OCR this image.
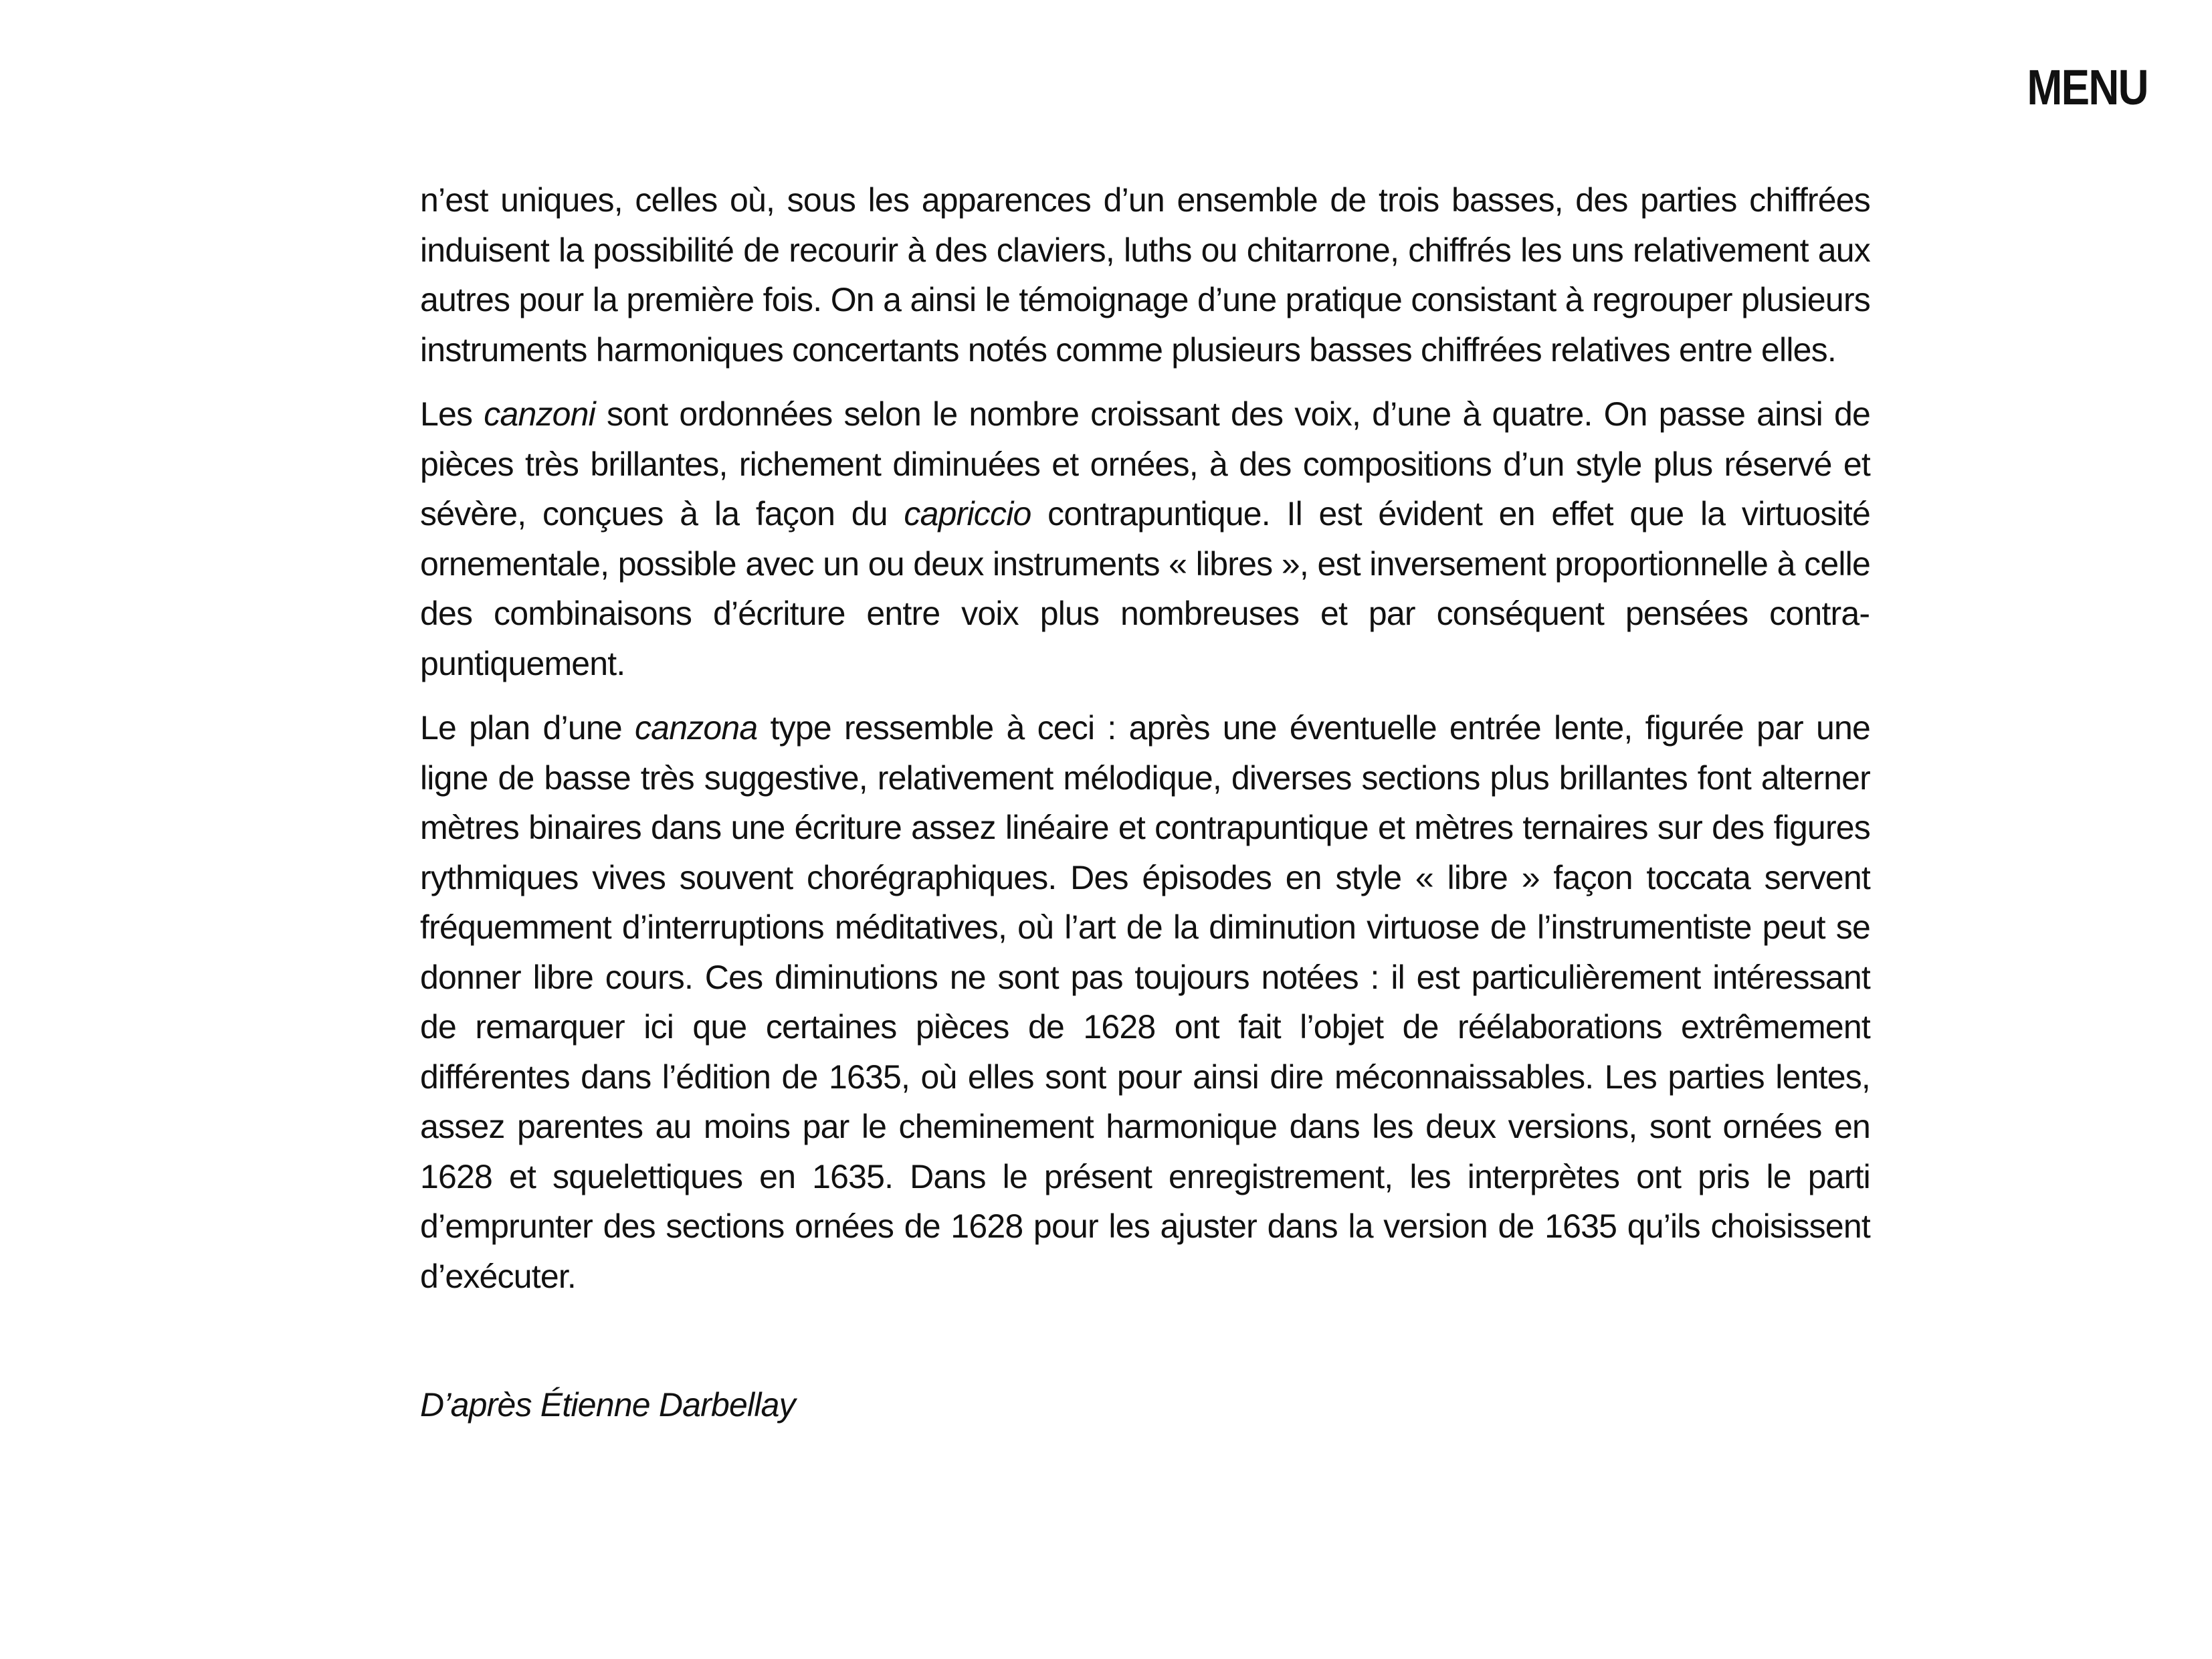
MENU

n’est uniques, celles où, sous les apparences d’un ensemble de trois basses, des parties chiffrées induisent la possibilité de recourir à des claviers, luths ou chitarrone, chiffrés les uns relativement aux autres pour la première fois. On a ainsi le témoignage d’une pratique consistant à regrouper plusieurs instruments harmoniques concertants notés comme plusieurs basses chiffrées relatives entre elles.

Les canzoni sont ordonnées selon le nombre croissant des voix, d’une à quatre. On passe ainsi de pièces très brillantes, richement diminuées et ornées, à des compositions d’un style plus réservé et sévère, conçues à la façon du capriccio contrapuntique. Il est évident en effet que la virtuosité ornementale, possible avec un ou deux instruments « libres », est inversement proportionnelle à celle des combinaisons d’écriture entre voix plus nombreuses et par conséquent pensées contrapuntiquement.

Le plan d’une canzona type ressemble à ceci : après une éventuelle entrée lente, figurée par une ligne de basse très suggestive, relativement mélodique, diverses sections plus brillantes font alterner mètres binaires dans une écriture assez linéaire et contrapuntique et mètres ternaires sur des figures rythmiques vives souvent chorégraphiques. Des épisodes en style « libre » façon toccata servent fréquemment d’interruptions méditatives, où l’art de la diminution virtuose de l’instrumentiste peut se donner libre cours. Ces diminutions ne sont pas toujours notées : il est particulièrement intéressant de remarquer ici que certaines pièces de 1628 ont fait l’objet de réélaborations extrêmement différentes dans l’édition de 1635, où elles sont pour ainsi dire méconnaissables. Les parties lentes, assez parentes au moins par le cheminement harmonique dans les deux versions, sont ornées en 1628 et squelettiques en 1635. Dans le présent enregistrement, les interprètes ont pris le parti d’emprunter des sections ornées de 1628 pour les ajuster dans la version de 1635 qu’ils choisissent d’exécuter.

D’après Étienne Darbellay
